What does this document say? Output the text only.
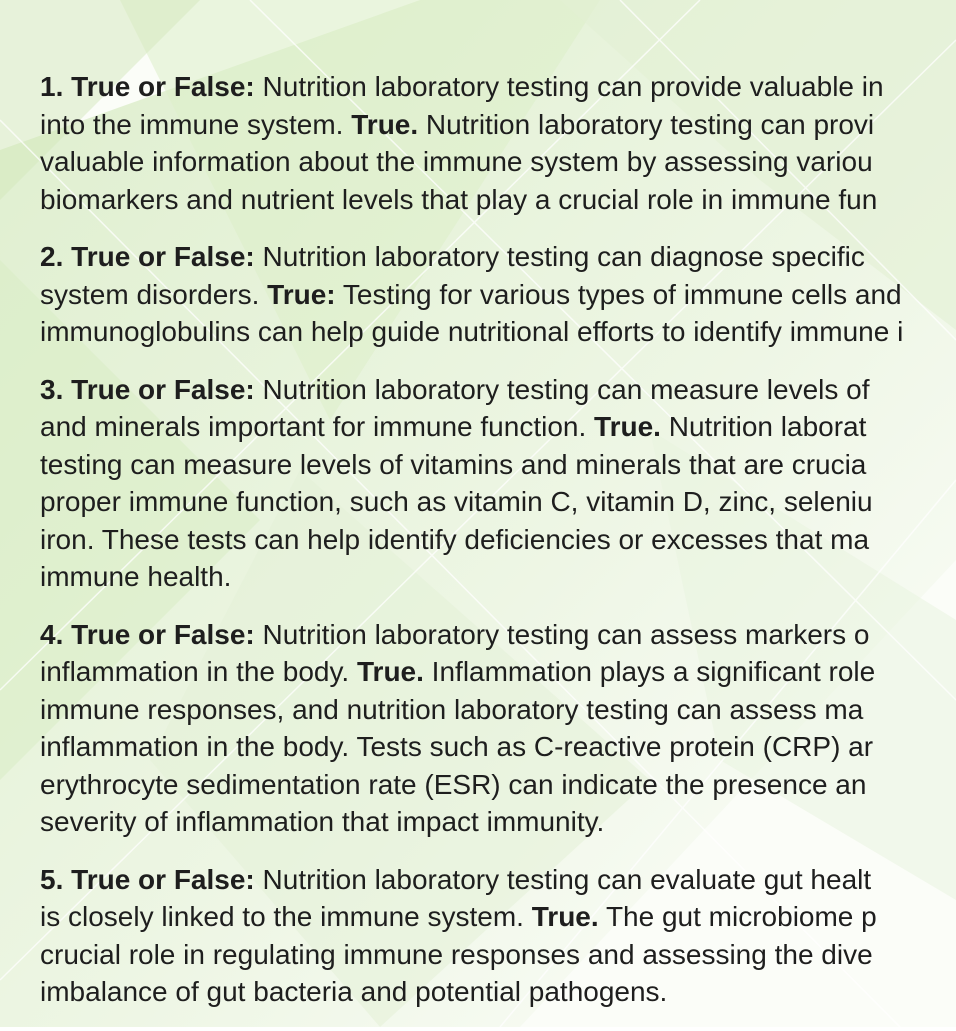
1. True or False: Nutrition laboratory testing can provide valuable in
into the immune system. True. Nutrition laboratory testing can provi
valuable information about the immune system by assessing variou
biomarkers and nutrient levels that play a crucial role in immune fun
2. True or False: Nutrition laboratory testing can diagnose specific
system disorders. True: Testing for various types of immune cells and
immunoglobulins can help guide nutritional efforts to identify immune i
3. True or False: Nutrition laboratory testing can measure levels of
and minerals important for immune function. True. Nutrition laborat
testing can measure levels of vitamins and minerals that are crucia
proper immune function, such as vitamin C, vitamin D, zinc, seleniu
iron. These tests can help identify deficiencies or excesses that ma
immune health.
4. True or False: Nutrition laboratory testing can assess markers o
inflammation in the body. True. Inflammation plays a significant role
immune responses, and nutrition laboratory testing can assess ma
inflammation in the body. Tests such as C-reactive protein (CRP) ar
erythrocyte sedimentation rate (ESR) can indicate the presence an
severity of inflammation that impact immunity.
5. True or False: Nutrition laboratory testing can evaluate gut healt
is closely linked to the immune system. True. The gut microbiome p
crucial role in regulating immune responses and assessing the dive
imbalance of gut bacteria and potential pathogens.
